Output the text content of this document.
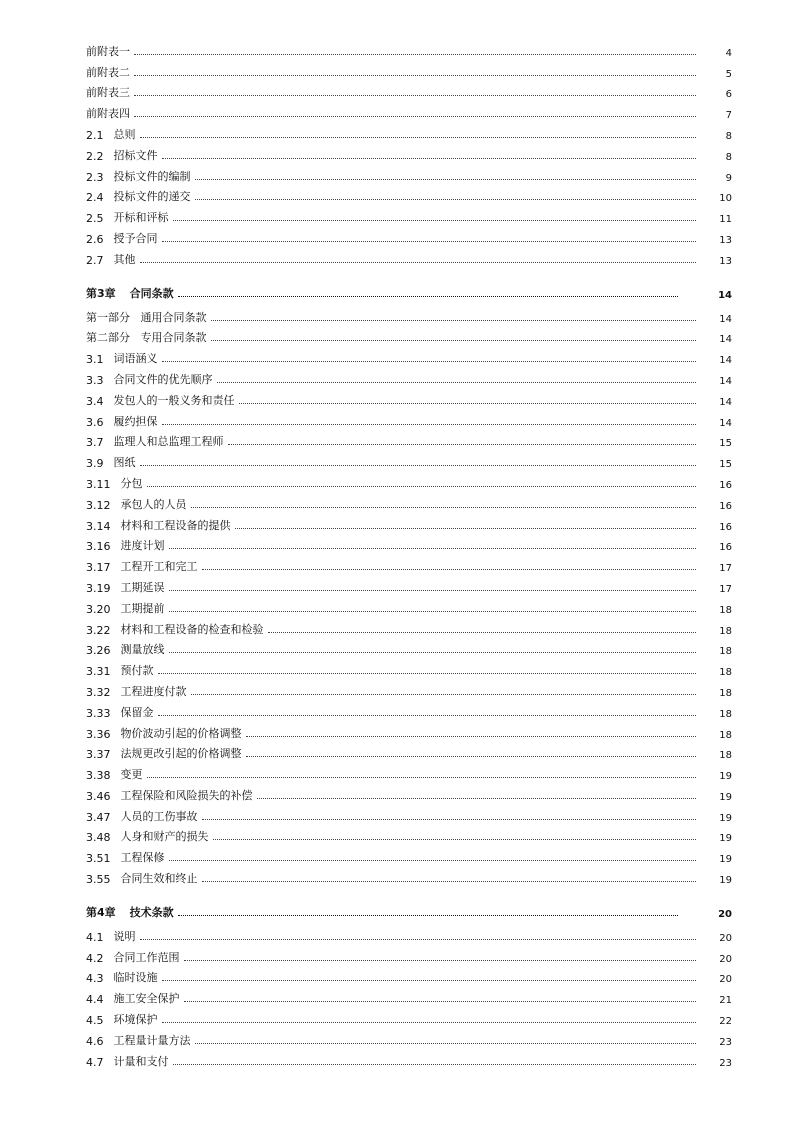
前附表一	4
前附表二	5
前附表三	6
前附表四	7
2.1 总则	8
2.2 招标文件	8
2.3 投标文件的编制	9
2.4 投标文件的递交	10
2.5 开标和评标	11
2.6 授予合同	13
2.7 其他	13
第3章 合同条款	14
第一部分   通用合同条款	14
第二部分   专用合同条款	14
3.1 词语涵义	14
3.3 合同文件的优先顺序	14
3.4 发包人的一般义务和责任	14
3.6 履约担保	14
3.7 监理人和总监理工程师	15
3.9 图纸	15
3.11 分包	16
3.12 承包人的人员	16
3.14 材料和工程设备的提供	16
3.16 进度计划	16
3.17 工程开工和完工	17
3.19 工期延误	17
3.20 工期提前	18
3.22 材料和工程设备的检查和检验	18
3.26 测量放线	18
3.31 预付款	18
3.32 工程进度付款	18
3.33 保留金	18
3.36 物价波动引起的价格调整	18
3.37 法规更改引起的价格调整	18
3.38 变更	19
3.46 工程保险和风险损失的补偿	19
3.47 人员的工伤事故	19
3.48 人身和财产的损失	19
3.51 工程保修	19
3.55 合同生效和终止	19
第4章 技术条款	20
4.1 说明	20
4.2 合同工作范围	20
4.3 临时设施	20
4.4 施工安全保护	21
4.5 环境保护	22
4.6 工程量计量方法	23
4.7 计量和支付	23
